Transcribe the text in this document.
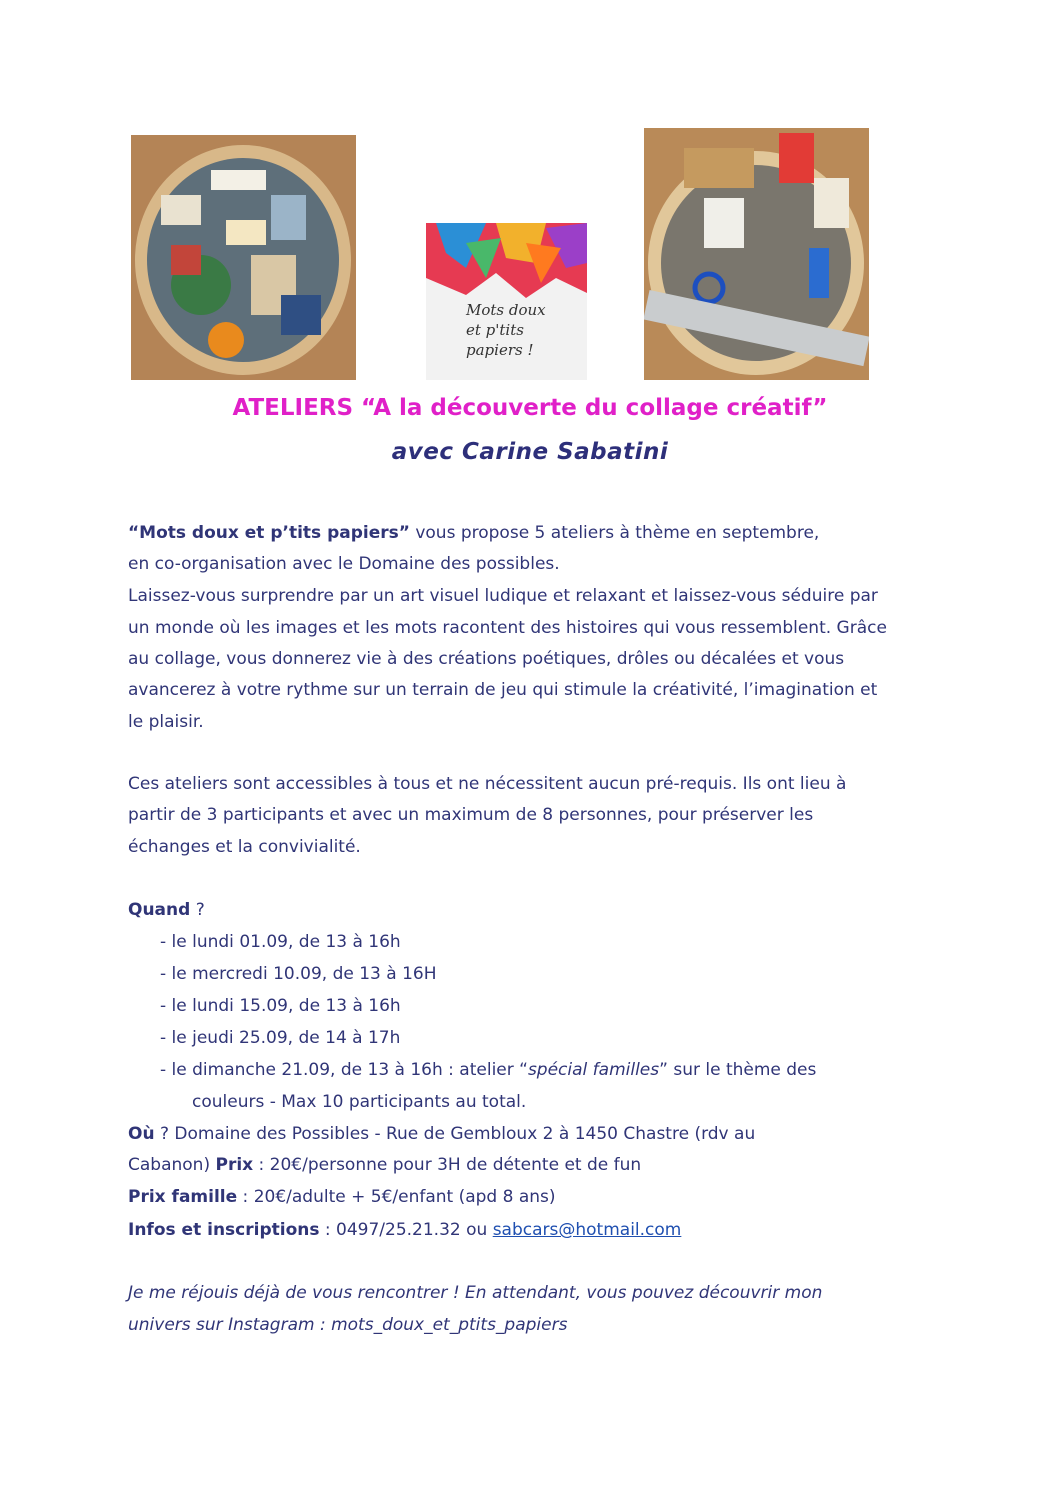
Mots doux
et p'tits
papiers !
ATELIERS “A la découverte du collage créatif”
avec Carine Sabatini
“Mots doux et p’tits papiers” vous propose 5 ateliers à thème en septembre,
en co-organisation avec le Domaine des possibles.
Laissez-vous surprendre par un art visuel ludique et relaxant et laissez-vous séduire par
un monde où les images et les mots racontent des histoires qui vous ressemblent. Grâce
au collage, vous donnerez vie à des créations poétiques, drôles ou décalées et vous
avancerez à votre rythme sur un terrain de jeu qui stimule la créativité, l’imagination et
le plaisir.
Ces ateliers sont accessibles à tous et ne nécessitent aucun pré-requis. Ils ont lieu à
partir de 3 participants et avec un maximum de 8 personnes, pour préserver les
échanges et la convivialité.
Quand ?
- le lundi 01.09, de 13 à 16h
- le mercredi 10.09, de 13 à 16H
- le lundi 15.09, de 13 à 16h
- le jeudi 25.09, de 14 à 17h
- le dimanche 21.09, de 13 à 16h : atelier “spécial familles” sur le thème des
couleurs - Max 10 participants au total.
Où ? Domaine des Possibles - Rue de Gembloux 2 à 1450 Chastre (rdv au
Cabanon) Prix : 20€/personne pour 3H de détente et de fun
Prix famille : 20€/adulte + 5€/enfant (apd 8 ans)
Infos et inscriptions : 0497/25.21.32 ou sabcars@hotmail.com
Je me réjouis déjà de vous rencontrer ! En attendant, vous pouvez découvrir mon
univers sur Instagram : mots_doux_et_ptits_papiers
